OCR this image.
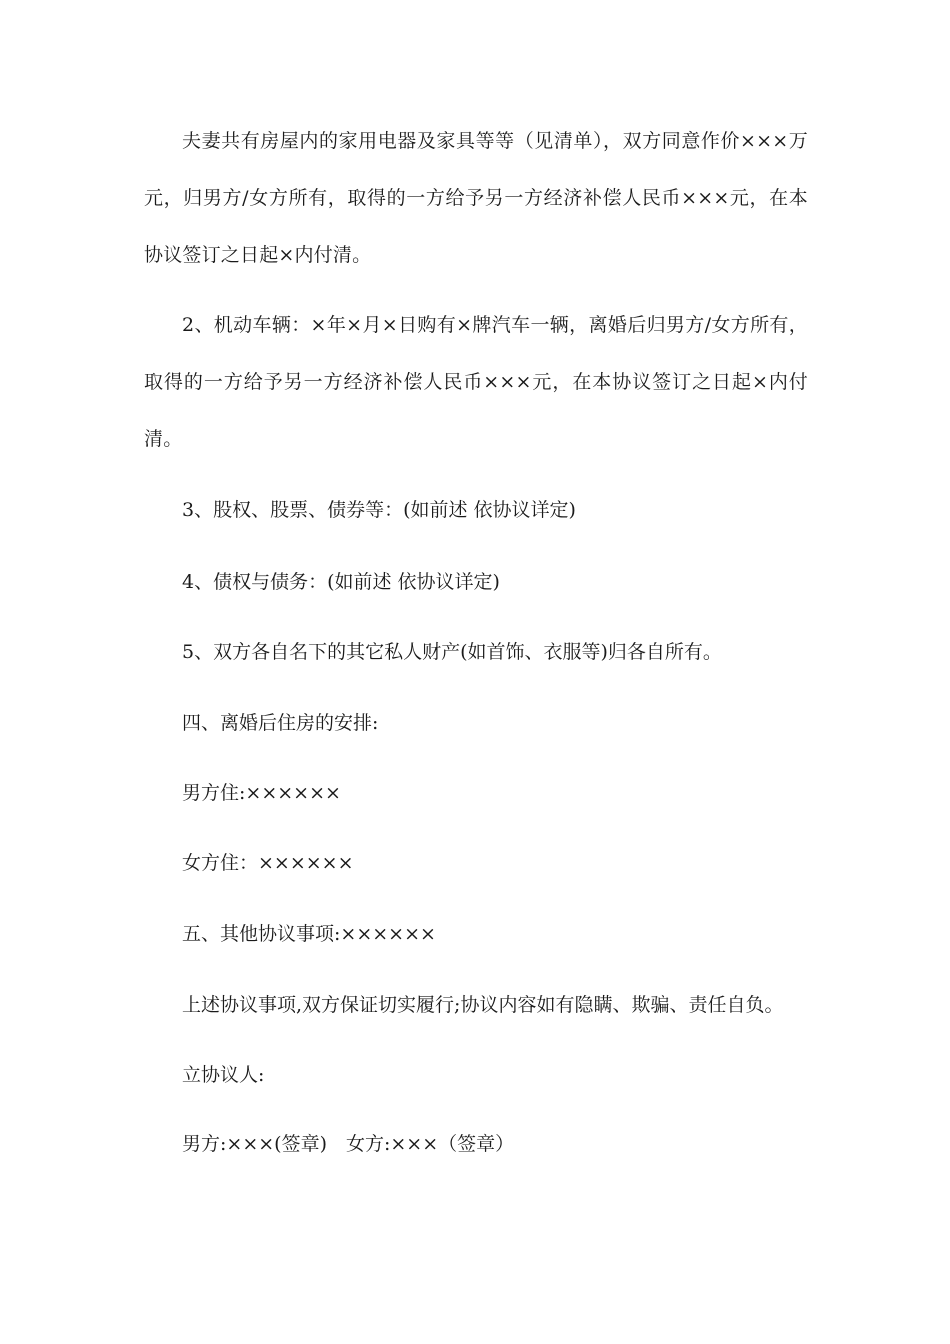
夫妻共有房屋内的家用电器及家具等等（见清单），双方同意作价×××万元，归男方/女方所有，取得的一方给予另一方经济补偿人民币×××元，在本协议签订之日起×内付清。

2、机动车辆：×年×月×日购有×牌汽车一辆，离婚后归男方/女方所有，取得的一方给予另一方经济补偿人民币×××元，在本协议签订之日起×内付清。

3、股权、股票、债券等：(如前述 依协议详定)

4、债权与债务：(如前述 依协议详定)

5、双方各自名下的其它私人财产(如首饰、衣服等)归各自所有。

四、离婚后住房的安排:

男方住:××××××

女方住：××××××

五、其他协议事项:××××××

上述协议事项,双方保证切实履行;协议内容如有隐瞒、欺骗、责任自负。

立协议人:

男方:×××(签章)　女方:×××（签章）
